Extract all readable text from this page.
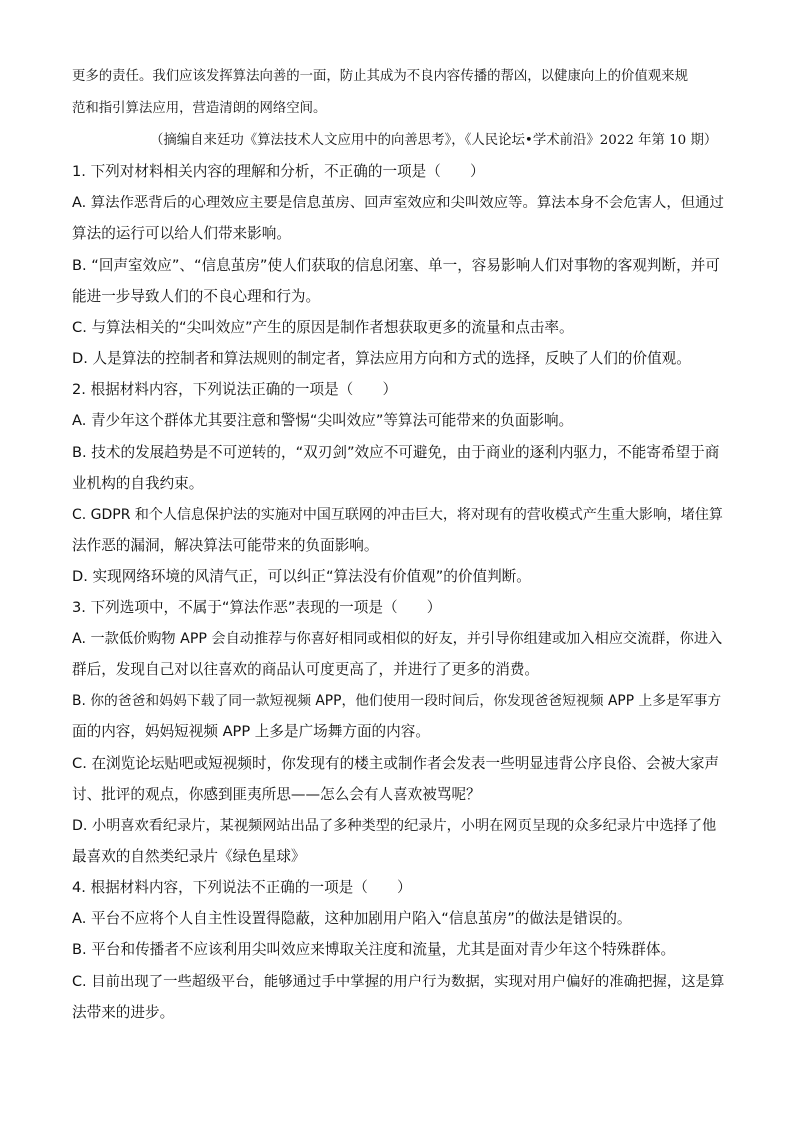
更多的责任。我们应该发挥算法向善的一面，防止其成为不良内容传播的帮凶，以健康向上的价值观来规
范和指引算法应用，营造清朗的网络空间。
（摘编自来廷功《算法技术人文应用中的向善思考》，《人民论坛•学术前沿》2022 年第 10 期）
1. 下列对材料相关内容的理解和分析，不正确的一项是（　　）
A. 算法作恶背后的心理效应主要是信息茧房、回声室效应和尖叫效应等。算法本身不会危害人，但通过
算法的运行可以给人们带来影响。
B. “回声室效应”、“信息茧房”使人们获取的信息闭塞、单一，容易影响人们对事物的客观判断，并可
能进一步导致人们的不良心理和行为。
C. 与算法相关的“尖叫效应”产生的原因是制作者想获取更多的流量和点击率。
D. 人是算法的控制者和算法规则的制定者，算法应用方向和方式的选择，反映了人们的价值观。
2. 根据材料内容，下列说法正确的一项是（　　）
A. 青少年这个群体尤其要注意和警惕“尖叫效应”等算法可能带来的负面影响。
B. 技术的发展趋势是不可逆转的，“双刃剑”效应不可避免，由于商业的逐利内驱力，不能寄希望于商
业机构的自我约束。
C. GDPR 和个人信息保护法的实施对中国互联网的冲击巨大，将对现有的营收模式产生重大影响，堵住算
法作恶的漏洞，解决算法可能带来的负面影响。
D. 实现网络环境的风清气正，可以纠正“算法没有价值观”的价值判断。
3. 下列选项中，不属于“算法作恶”表现的一项是（　　）
A. 一款低价购物 APP 会自动推荐与你喜好相同或相似的好友，并引导你组建或加入相应交流群，你进入
群后，发现自己对以往喜欢的商品认可度更高了，并进行了更多的消费。
B. 你的爸爸和妈妈下载了同一款短视频 APP，他们使用一段时间后，你发现爸爸短视频 APP 上多是军事方
面的内容，妈妈短视频 APP 上多是广场舞方面的内容。
C. 在浏览论坛贴吧或短视频时，你发现有的楼主或制作者会发表一些明显违背公序良俗、会被大家声
讨、批评的观点，你感到匪夷所思——怎么会有人喜欢被骂呢？
D. 小明喜欢看纪录片，某视频网站出品了多种类型的纪录片，小明在网页呈现的众多纪录片中选择了他
最喜欢的自然类纪录片《绿色星球》
4. 根据材料内容，下列说法不正确的一项是（　　）
A. 平台不应将个人自主性设置得隐蔽，这种加剧用户陷入“信息茧房”的做法是错误的。
B. 平台和传播者不应该利用尖叫效应来博取关注度和流量，尤其是面对青少年这个特殊群体。
C. 目前出现了一些超级平台，能够通过手中掌握的用户行为数据，实现对用户偏好的准确把握，这是算
法带来的进步。
